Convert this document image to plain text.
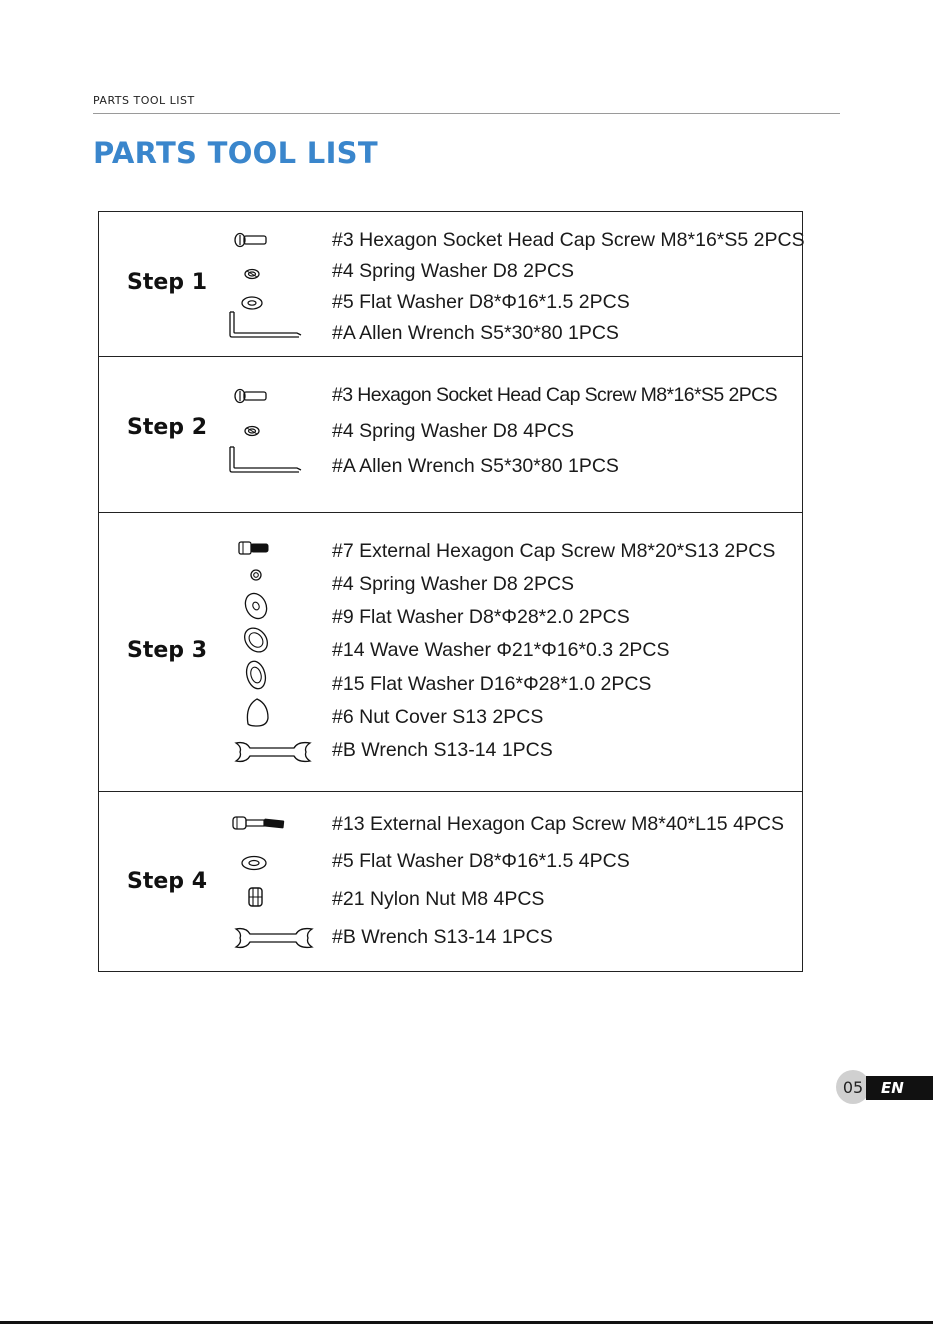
PARTS TOOL LIST
PARTS TOOL LIST
Step 1
#3 Hexagon Socket Head Cap Screw M8*16*S5 2PCS
#4 Spring Washer D8 2PCS
#5 Flat Washer D8*Φ16*1.5 2PCS
#A Allen Wrench S5*30*80 1PCS
Step 2
#3 Hexagon Socket Head Cap Screw M8*16*S5 2PCS
#4 Spring Washer D8 4PCS
#A Allen Wrench S5*30*80 1PCS
Step 3
#7 External Hexagon Cap Screw M8*20*S13 2PCS
#4 Spring Washer D8 2PCS
#9 Flat Washer D8*Φ28*2.0 2PCS
#14 Wave Washer Φ21*Φ16*0.3 2PCS
#15 Flat Washer D16*Φ28*1.0 2PCS
#6 Nut Cover S13 2PCS
#B Wrench S13-14 1PCS
Step 4
#13 External Hexagon Cap Screw M8*40*L15 4PCS
#5 Flat Washer D8*Φ16*1.5 4PCS
#21 Nylon Nut M8 4PCS
#B Wrench S13-14 1PCS
05	EN
